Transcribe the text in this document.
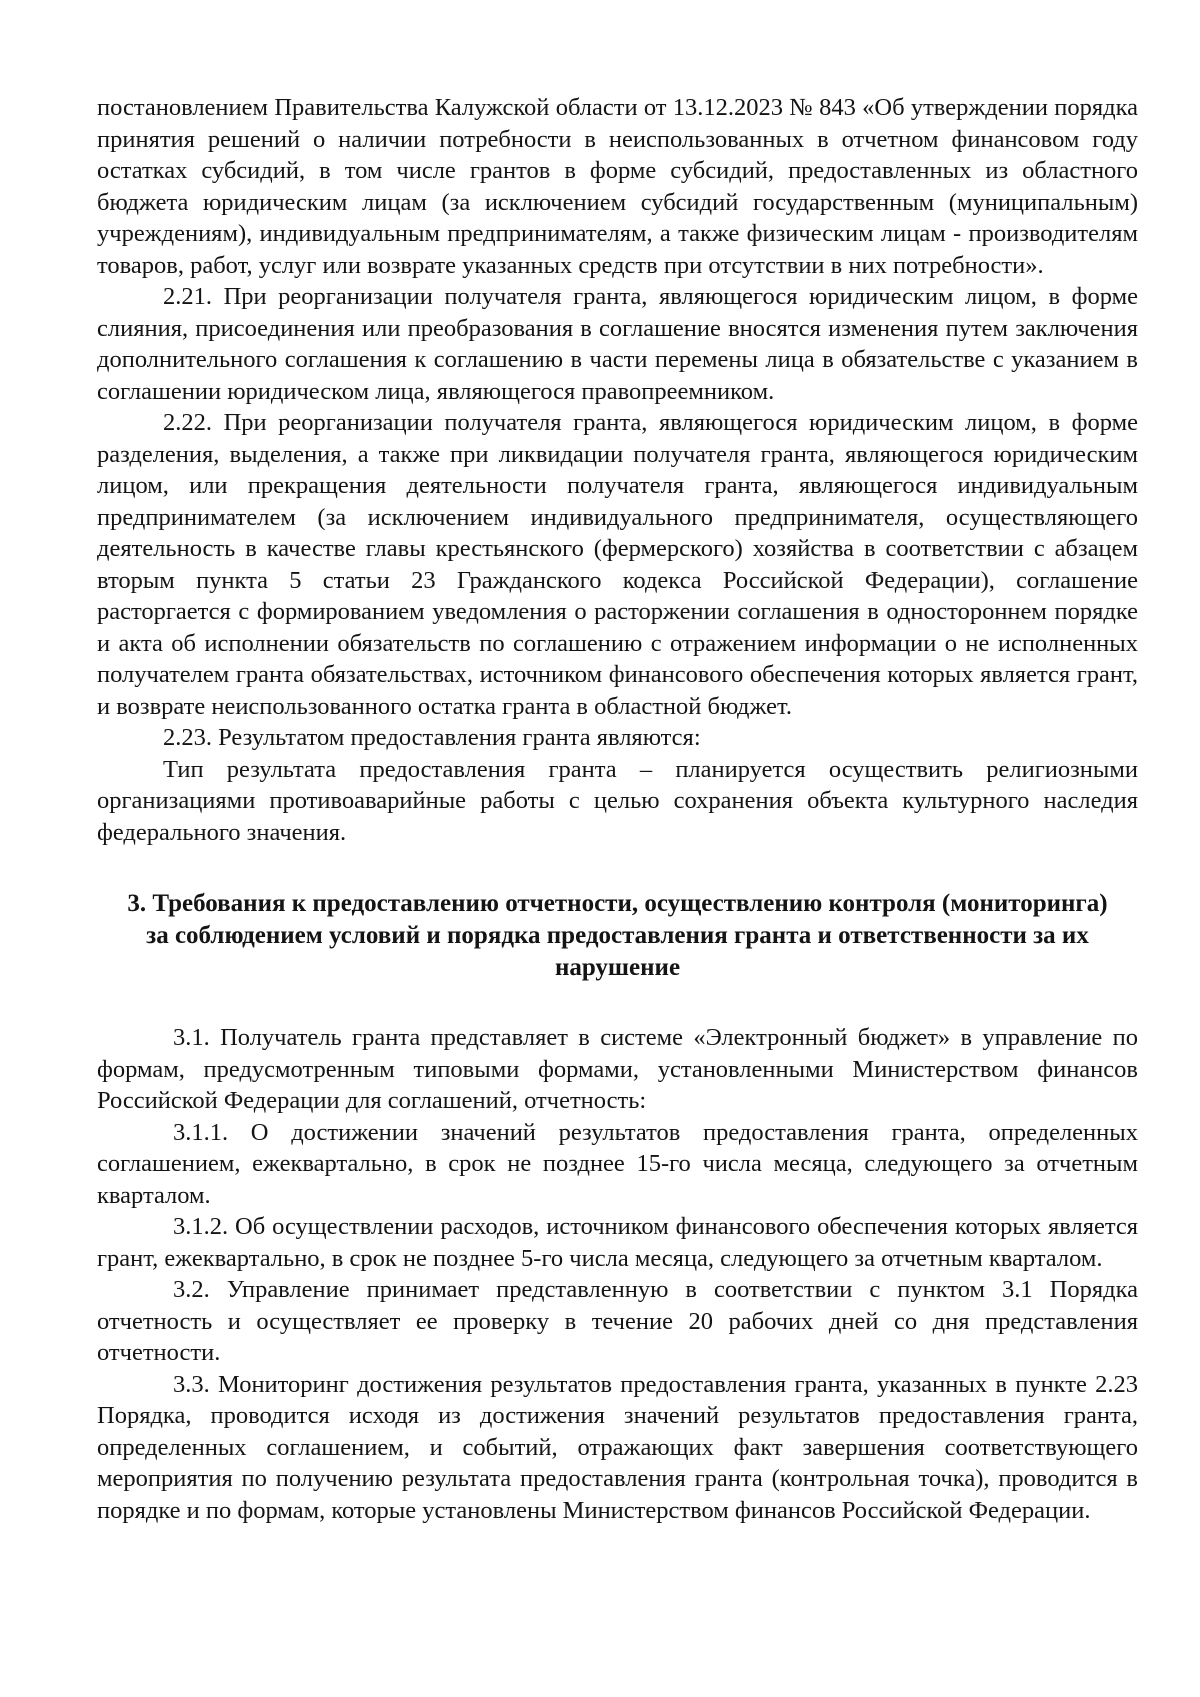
постановлением Правительства Калужской области от 13.12.2023 № 843 «Об утверждении порядка принятия решений о наличии потребности в неиспользованных в отчетном финансовом году остатках субсидий, в том числе грантов в форме субсидий, предоставленных из областного бюджета юридическим лицам (за исключением субсидий государственным (муниципальным) учреждениям), индивидуальным предпринимателям, а также физическим лицам - производителям товаров, работ, услуг или возврате указанных средств при отсутствии в них потребности».

2.21. При реорганизации получателя гранта, являющегося юридическим лицом, в форме слияния, присоединения или преобразования в соглашение вносятся изменения путем заключения дополнительного соглашения к соглашению в части перемены лица в обязательстве с указанием в соглашении юридическом лица, являющегося правопреемником.

2.22. При реорганизации получателя гранта, являющегося юридическим лицом, в форме разделения, выделения, а также при ликвидации получателя гранта, являющегося юридическим лицом, или прекращения деятельности получателя гранта, являющегося индивидуальным предпринимателем (за исключением индивидуального предпринимателя, осуществляющего деятельность в качестве главы крестьянского (фермерского) хозяйства в соответствии с абзацем вторым пункта 5 статьи 23 Гражданского кодекса Российской Федерации), соглашение расторгается с формированием уведомления о расторжении соглашения в одностороннем порядке и акта об исполнении обязательств по соглашению с отражением информации о не исполненных получателем гранта обязательствах, источником финансового обеспечения которых является грант, и возврате неиспользованного остатка гранта в областной бюджет.

2.23. Результатом предоставления гранта являются:

Тип результата предоставления гранта – планируется осуществить религиозными организациями противоаварийные работы с целью сохранения объекта культурного наследия федерального значения.

3. Требования к предоставлению отчетности, осуществлению контроля (мониторинга) за соблюдением условий и порядка предоставления гранта и ответственности за их нарушение

3.1. Получатель гранта представляет в системе «Электронный бюджет» в управление по формам, предусмотренным типовыми формами, установленными Министерством финансов Российской Федерации для соглашений, отчетность:

3.1.1. О достижении значений результатов предоставления гранта, определенных соглашением, ежеквартально, в срок не позднее 15-го числа месяца, следующего за отчетным кварталом.

3.1.2. Об осуществлении расходов, источником финансового обеспечения которых является грант, ежеквартально, в срок не позднее 5-го числа месяца, следующего за отчетным кварталом.

3.2. Управление принимает представленную в соответствии с пунктом 3.1 Порядка отчетность и осуществляет ее проверку в течение 20 рабочих дней со дня представления отчетности.

3.3. Мониторинг достижения результатов предоставления гранта, указанных в пункте 2.23 Порядка, проводится исходя из достижения значений результатов предоставления гранта, определенных соглашением, и событий, отражающих факт завершения соответствующего мероприятия по получению результата предоставления гранта (контрольная точка), проводится в порядке и по формам, которые установлены Министерством финансов Российской Федерации.
